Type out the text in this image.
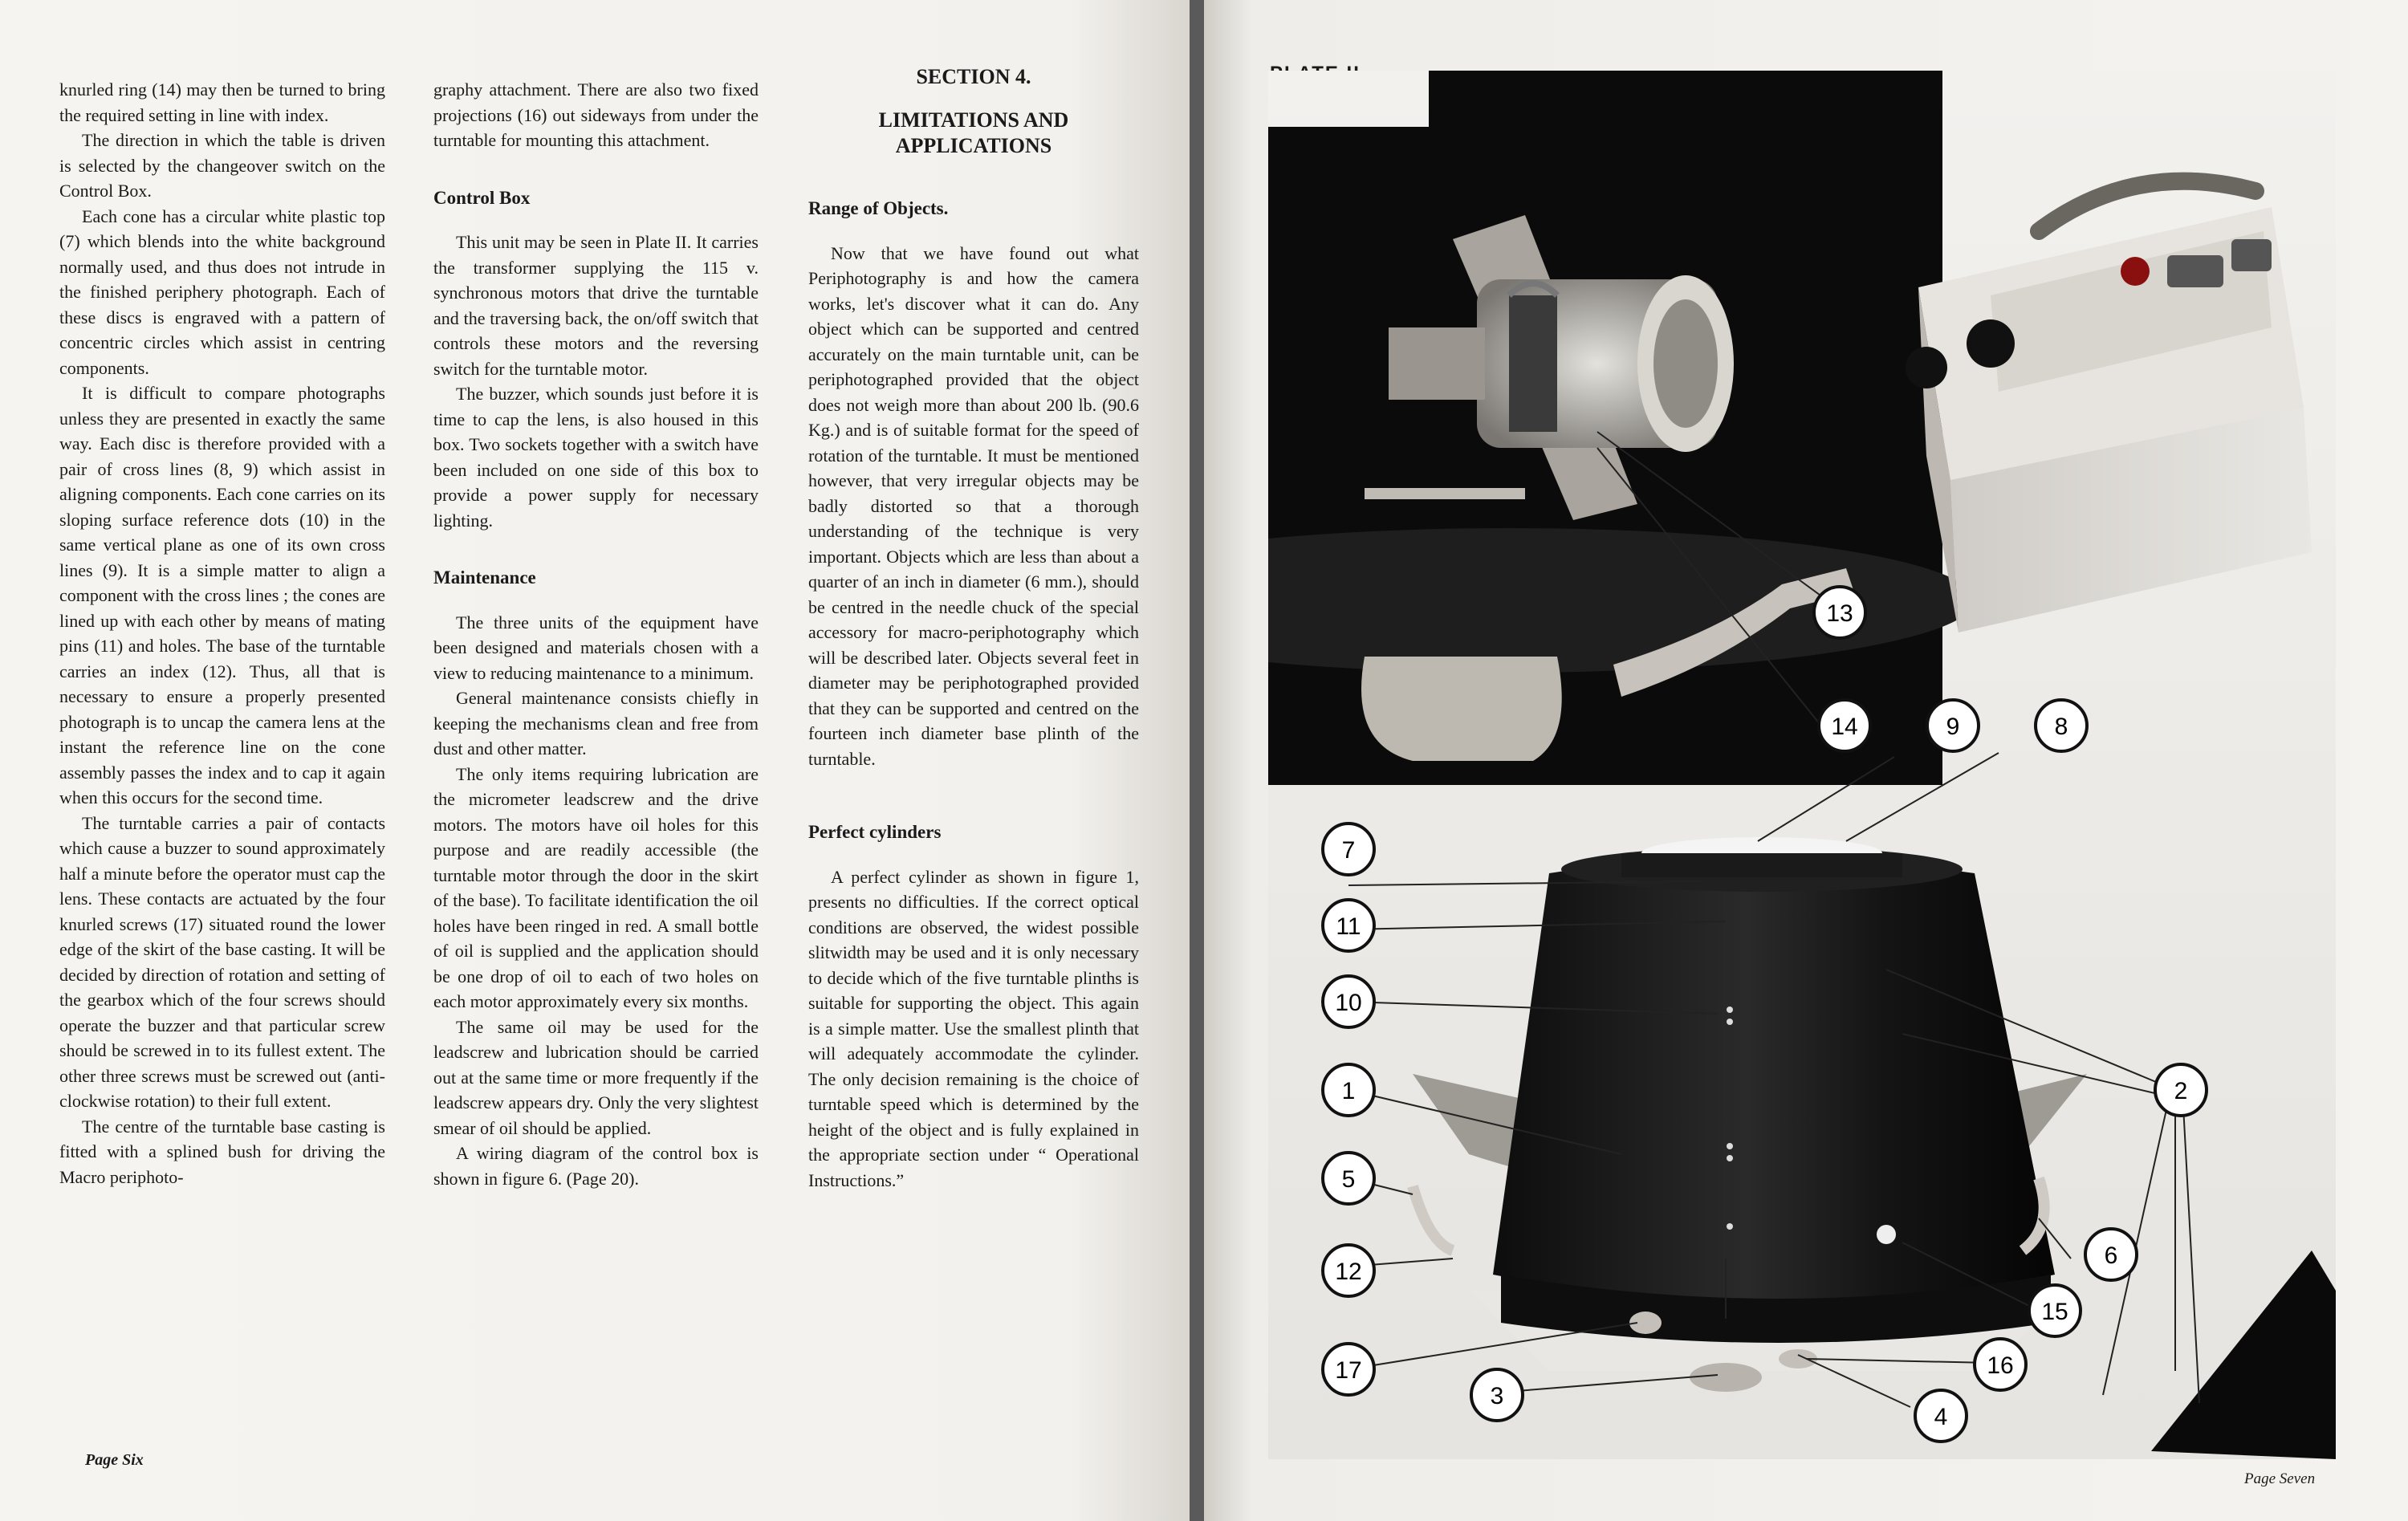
knurled ring (14) may then be turned to bring the required setting in line with index.

The direction in which the table is driven is selected by the changeover switch on the Control Box.

Each cone has a circular white plastic top (7) which blends into the white background normally used, and thus does not intrude in the finished periphery photograph. Each of these discs is engraved with a pattern of concentric circles which assist in centring components.

It is difficult to compare photographs unless they are presented in exactly the same way. Each disc is therefore provided with a pair of cross lines (8, 9) which assist in aligning components. Each cone carries on its sloping surface reference dots (10) in the same vertical plane as one of its own cross lines (9). It is a simple matter to align a component with the cross lines ; the cones are lined up with each other by means of mating pins (11) and holes. The base of the turntable carries an index (12). Thus, all that is necessary to ensure a properly presented photograph is to uncap the camera lens at the instant the reference line on the cone assembly passes the index and to cap it again when this occurs for the second time.

The turntable carries a pair of contacts which cause a buzzer to sound approximately half a minute before the operator must cap the lens. These contacts are actuated by the four knurled screws (17) situated round the lower edge of the skirt of the base casting. It will be decided by direction of rotation and setting of the gearbox which of the four screws should operate the buzzer and that particular screw should be screwed in to its fullest extent. The other three screws must be screwed out (anti-clockwise rotation) to their full extent.

The centre of the turntable base casting is fitted with a splined bush for driving the Macro periphoto-

graphy attachment. There are also two fixed projections (16) out sideways from under the turntable for mounting this attachment.

Control Box

This unit may be seen in Plate II. It carries the transformer supplying the 115 v. synchronous motors that drive the turntable and the traversing back, the on/off switch that controls these motors and the reversing switch for the turntable motor.

The buzzer, which sounds just before it is time to cap the lens, is also housed in this box. Two sockets together with a switch have been included on one side of this box to provide a power supply for necessary lighting.

Maintenance

The three units of the equipment have been designed and materials chosen with a view to reducing maintenance to a minimum.

General maintenance consists chiefly in keeping the mechanisms clean and free from dust and other matter.

The only items requiring lubrication are the micrometer leadscrew and the drive motors. The motors have oil holes for this purpose and are readily accessible (the turntable motor through the door in the skirt of the base). To facilitate identification the oil holes have been ringed in red. A small bottle of oil is supplied and the application should be one drop of oil to each of two holes on each motor approximately every six months.

The same oil may be used for the leadscrew and lubrication should be carried out at the same time or more frequently if the leadscrew appears dry. Only the very slightest smear of oil should be applied.

A wiring diagram of the control box is shown in figure 6. (Page 20).

SECTION 4.
LIMITATIONS AND
APPLICATIONS
Range of Objects.

Now that we have found out what Periphotography is and how the camera works, let's discover what it can do. Any object which can be supported and centred accurately on the main turntable unit, can be periphotographed provided that the object does not weigh more than about 200 lb. (90.6 Kg.) and is of suitable format for the speed of rotation of the turntable. It must be mentioned however, that very irregular objects may be badly distorted so that a thorough understanding of the technique is very important. Objects which are less than about a quarter of an inch in diameter (6 mm.), should be centred in the needle chuck of the special accessory for macro-periphotography which will be described later. Objects several feet in diameter may be periphotographed provided that they can be supported and centred on the fourteen inch diameter base plinth of the turntable.

Perfect cylinders

A perfect cylinder as shown in figure 1, presents no difficulties. If the correct optical conditions are observed, the widest possible slitwidth may be used and it is only necessary to decide which of the five turntable plinths is suitable for supporting the object. This again is a simple matter. Use the smallest plinth that will adequately accommodate the cylinder. The only decision remaining is the choice of turntable speed which is determined by the height of the object and is fully explained in the appropriate section under “ Operational Instructions.”

Page Six
Page Seven
13
14	9	8
7
11
10
1	2
5
6
12
15
17	16
3
4
